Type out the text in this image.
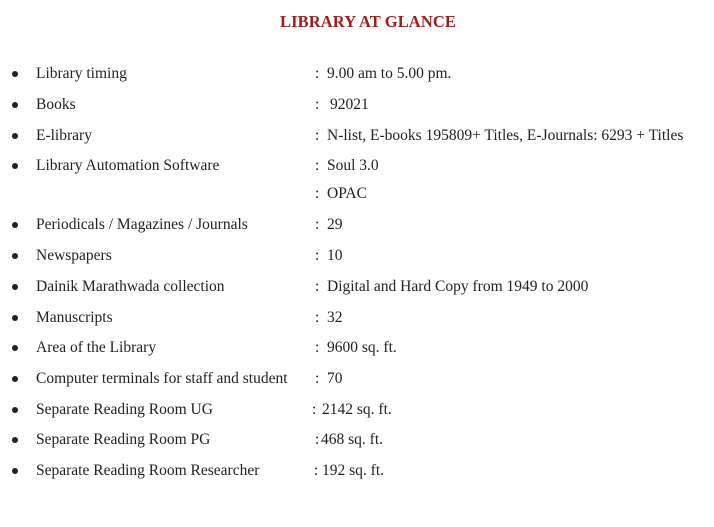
LIBRARY AT GLANCE
Library timing	: 9.00 am to 5.00 pm.
Books	: 92021
E-library	: N-list, E-books 195809+ Titles, E-Journals: 6293 + Titles
Library Automation Software	: Soul 3.0
: OPAC
Periodicals / Magazines / Journals	: 29
Newspapers	: 10
Dainik Marathwada collection	: Digital and Hard Copy from 1949 to 2000
Manuscripts	: 32
Area of the Library	: 9600 sq. ft.
Computer terminals for staff and student : 70
Separate Reading Room UG	: 2142 sq. ft.
Separate Reading Room PG	: 468 sq. ft.
Separate Reading Room Researcher	: 192 sq. ft.
